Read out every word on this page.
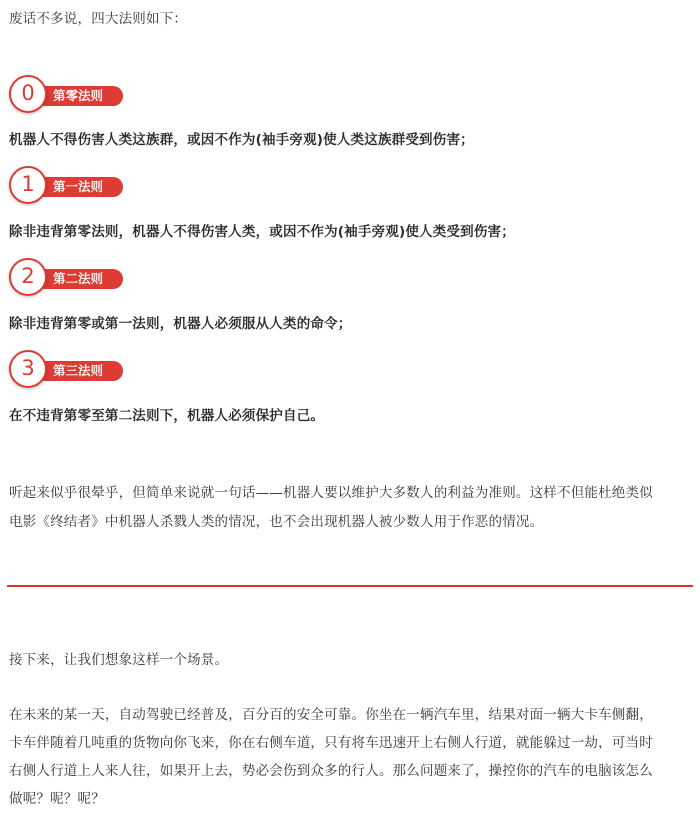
废话不多说，四大法则如下：
第零法则
0
机器人不得伤害人类这族群，或因不作为(袖手旁观)使人类这族群受到伤害；
第一法则
1
除非违背第零法则，机器人不得伤害人类，或因不作为(袖手旁观)使人类受到伤害；
第二法则
2
除非违背第零或第一法则，机器人必须服从人类的命令；
第三法则
3
在不违背第零至第二法则下，机器人必须保护自己。
听起来似乎很晕乎，但简单来说就一句话——机器人要以维护大多数人的利益为准则。这样不但能杜绝类似
电影《终结者》中机器人杀戮人类的情况，也不会出现机器人被少数人用于作恶的情况。
接下来，让我们想象这样一个场景。
在未来的某一天，自动驾驶已经普及，百分百的安全可靠。你坐在一辆汽车里，结果对面一辆大卡车侧翻，
卡车伴随着几吨重的货物向你飞来，你在右侧车道，只有将车迅速开上右侧人行道，就能躲过一劫，可当时
右侧人行道上人来人往，如果开上去，势必会伤到众多的行人。那么问题来了，操控你的汽车的电脑该怎么
做呢？呢？呢？
